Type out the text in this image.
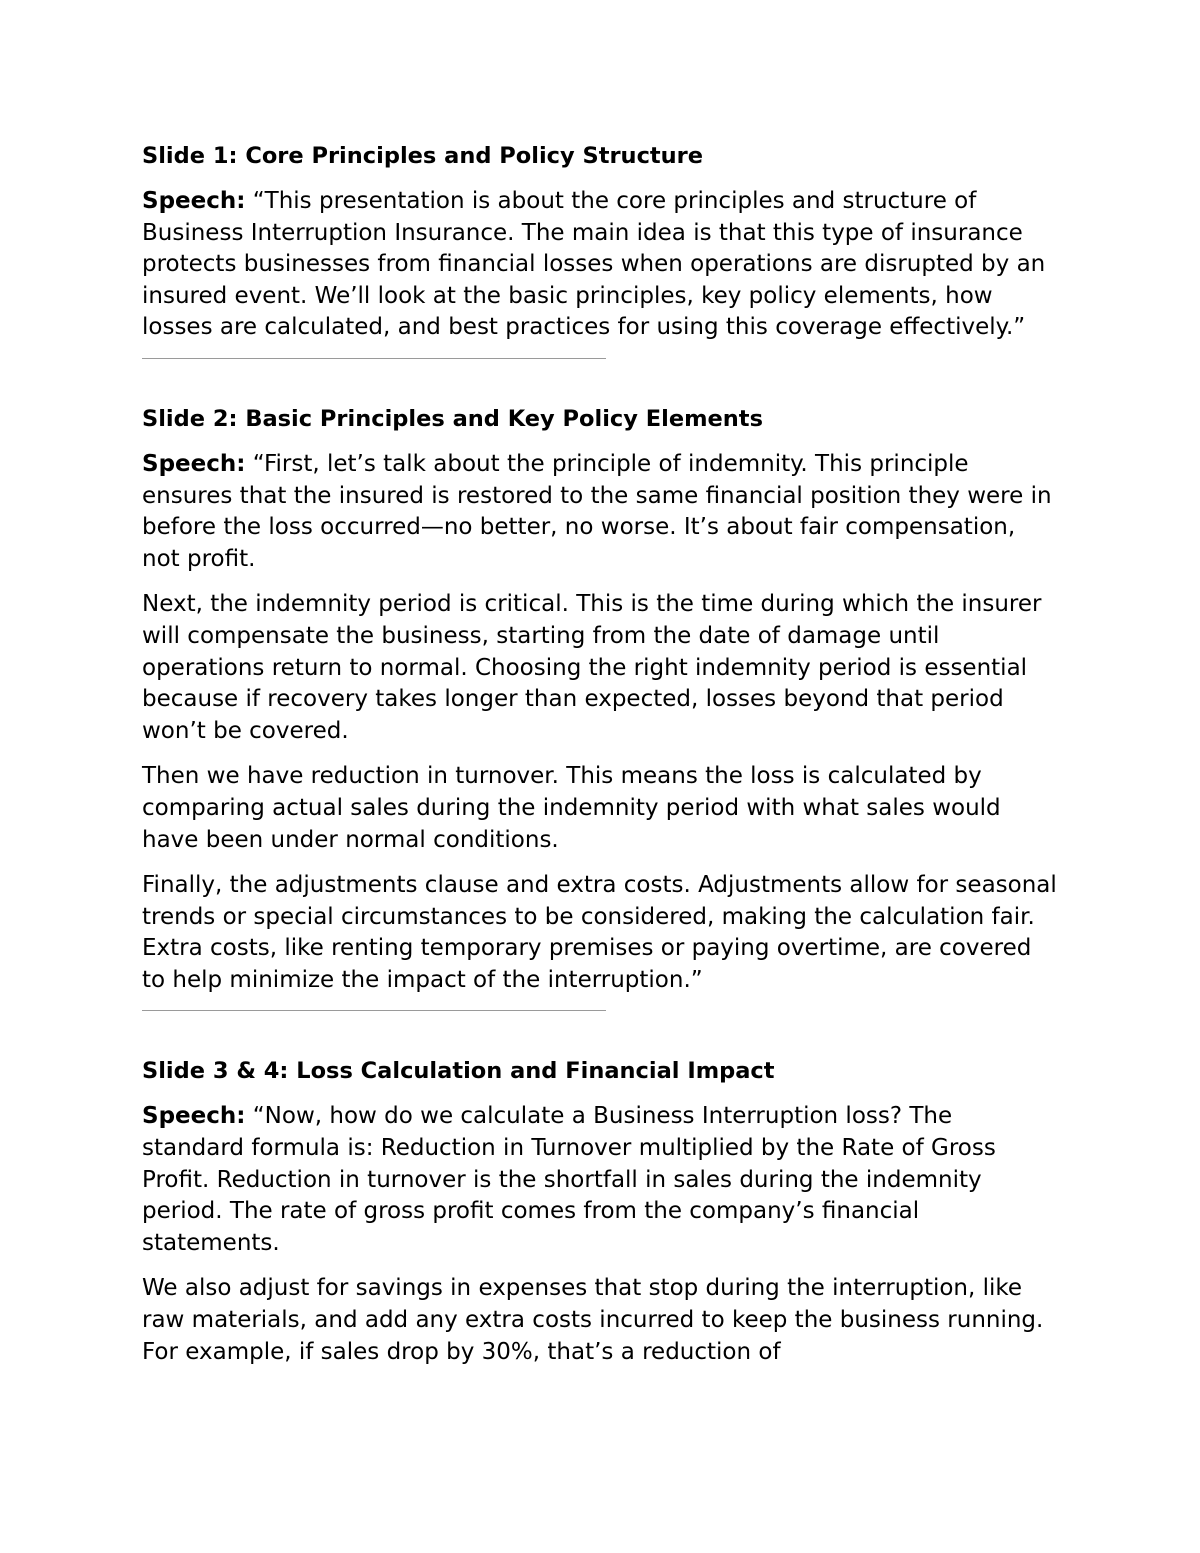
Slide 1: Core Principles and Policy Structure

Speech: “This presentation is about the core principles and structure of Business Interruption Insurance. The main idea is that this type of insurance protects businesses from financial losses when operations are disrupted by an insured event. We’ll look at the basic principles, key policy elements, how losses are calculated, and best practices for using this coverage effectively.”

Slide 2: Basic Principles and Key Policy Elements

Speech: “First, let’s talk about the principle of indemnity. This principle ensures that the insured is restored to the same financial position they were in before the loss occurred—no better, no worse. It’s about fair compensation, not profit.

Next, the indemnity period is critical. This is the time during which the insurer will compensate the business, starting from the date of damage until operations return to normal. Choosing the right indemnity period is essential because if recovery takes longer than expected, losses beyond that period won’t be covered.

Then we have reduction in turnover. This means the loss is calculated by comparing actual sales during the indemnity period with what sales would have been under normal conditions.

Finally, the adjustments clause and extra costs. Adjustments allow for seasonal trends or special circumstances to be considered, making the calculation fair. Extra costs, like renting temporary premises or paying overtime, are covered to help minimize the impact of the interruption.”

Slide 3 & 4: Loss Calculation and Financial Impact

Speech: “Now, how do we calculate a Business Interruption loss? The standard formula is: Reduction in Turnover multiplied by the Rate of Gross Profit. Reduction in turnover is the shortfall in sales during the indemnity period. The rate of gross profit comes from the company’s financial statements.

We also adjust for savings in expenses that stop during the interruption, like raw materials, and add any extra costs incurred to keep the business running. For example, if sales drop by 30%, that’s a reduction of
